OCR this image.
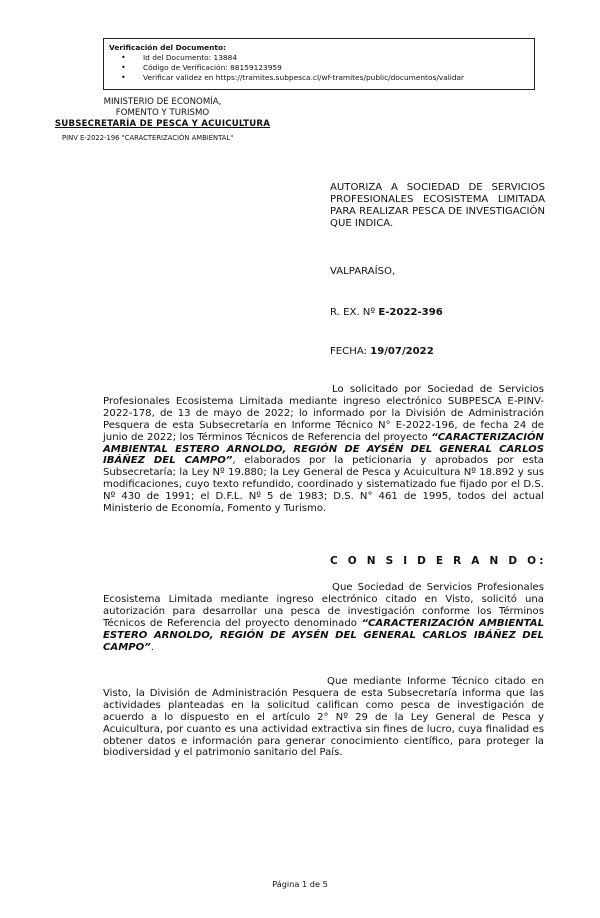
Verificación del Documento:
• Id del Documento: 13884
• Código de Verificación: 88159123959
• Verificar validez en https://tramites.subpesca.cl/wf-tramites/public/documentos/validar
MINISTERIO DE ECONOMÍA,
FOMENTO Y TURISMO
SUBSECRETARÍA DE PESCA Y ACUICULTURA
PINV E-2022-196 "CARACTERIZACIÓN AMBIENTAL"
AUTORIZA A SOCIEDAD DE SERVICIOS PROFESIONALES ECOSISTEMA LIMITADA PARA REALIZAR PESCA DE INVESTIGACIÓN QUE INDICA.
VALPARAÍSO,
R. EX. Nº E-2022-396
FECHA: 19/07/2022

Lo solicitado por Sociedad de Servicios Profesionales Ecosistema Limitada mediante ingreso electrónico SUBPESCA E-PINV-2022-178, de 13 de mayo de 2022; lo informado por la División de Administración Pesquera de esta Subsecretaría en Informe Técnico N° E-2022-196, de fecha 24 de junio de 2022; los Términos Técnicos de Referencia del proyecto “CARACTERIZACIÓN AMBIENTAL ESTERO ARNOLDO, REGIÓN DE AYSÉN DEL GENERAL CARLOS IBÁÑEZ DEL CAMPO”, elaborados por la peticionaria y aprobados por esta Subsecretaría; la Ley Nº 19.880; la Ley General de Pesca y Acuicultura Nº 18.892 y sus modificaciones, cuyo texto refundido, coordinado y sistematizado fue fijado por el D.S. Nº 430 de 1991; el D.F.L. Nº 5 de 1983; D.S. N° 461 de 1995, todos del actual Ministerio de Economía, Fomento y Turismo.

C O N S I D E R A N D O:

Que Sociedad de Servicios Profesionales Ecosistema Limitada mediante ingreso electrónico citado en Visto, solicitó una autorización para desarrollar una pesca de investigación conforme los Términos Técnicos de Referencia del proyecto denominado “CARACTERIZACIÓN AMBIENTAL ESTERO ARNOLDO, REGIÓN DE AYSÉN DEL GENERAL CARLOS IBÁÑEZ DEL CAMPO”.

Que mediante Informe Técnico citado en Visto, la División de Administración Pesquera de esta Subsecretaría informa que las actividades planteadas en la solicitud califican como pesca de investigación de acuerdo a lo dispuesto en el artículo 2° Nº 29 de la Ley General de Pesca y Acuicultura, por cuanto es una actividad extractiva sin fines de lucro, cuya finalidad es obtener datos e información para generar conocimiento científico, para proteger la biodiversidad y el patrimonio sanitario del País.

Página 1 de 5
